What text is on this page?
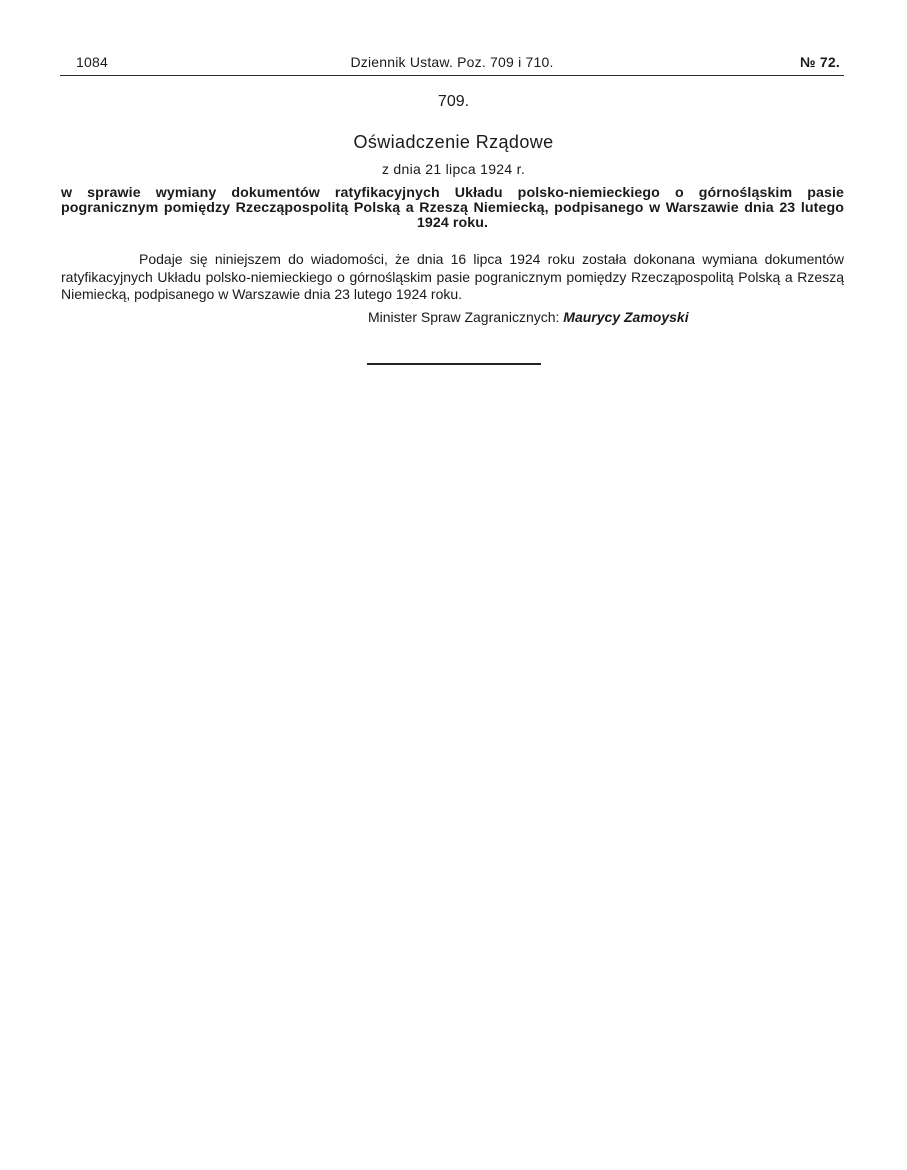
1084	Dziennik Ustaw. Poz. 709 i 710.	№ 72.
709.
Oświadczenie Rządowe
z dnia 21 lipca 1924 r.
w sprawie wymiany dokumentów ratyfikacyjnych Układu polsko-niemieckiego o górnośląskim pasie pogranicznym pomiędzy Rzecząpospolitą Polską a Rzeszą Niemiecką, podpisanego w Warszawie dnia 23 lutego 1924 roku.

Podaje się niniejszem do wiadomości, że dnia 16 lipca 1924 roku została dokonana wymiana dokumentów ratyfikacyjnych Układu polsko-niemieckiego o górnośląskim pasie pogranicznym pomiędzy Rzecząpospolitą Polską a Rzeszą Niemiecką, podpisanego w Warszawie dnia 23 lutego 1924 roku.

Minister Spraw Zagranicznych: Maurycy Zamoyski
